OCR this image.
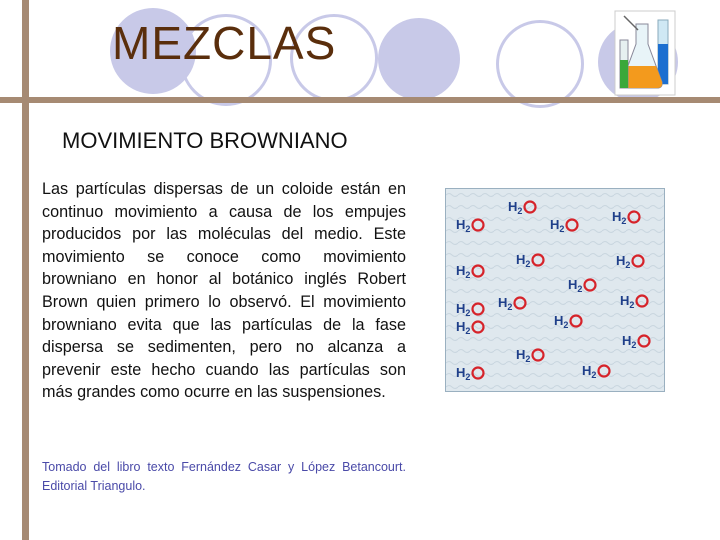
MEZCLAS
MOVIMIENTO BROWNIANO

Las partículas dispersas de un coloide están en continuo movimiento a causa de los empujes producidos por las moléculas del medio. Este movimiento se conoce como movimiento browniano en honor al botánico inglés Robert Brown quien primero lo observó. El movimiento browniano evita que las partículas de la fase dispersa se sedimenten, pero no alcanza a prevenir este hecho cuando las partículas son más grandes como ocurre en las suspensiones.

Tomado del libro texto Fernández Casar y López Betancourt. Editorial Triangulo.

$H_2$
$H_2$	$H_2$
$H_2$
$H_2$
$H_2$
$H_2$
$H_2$
$H_2$
$H_2$
$H_2$
$H_2$
$H_2$
$H_2$
$H_2$
$H_2$	$H_2$
